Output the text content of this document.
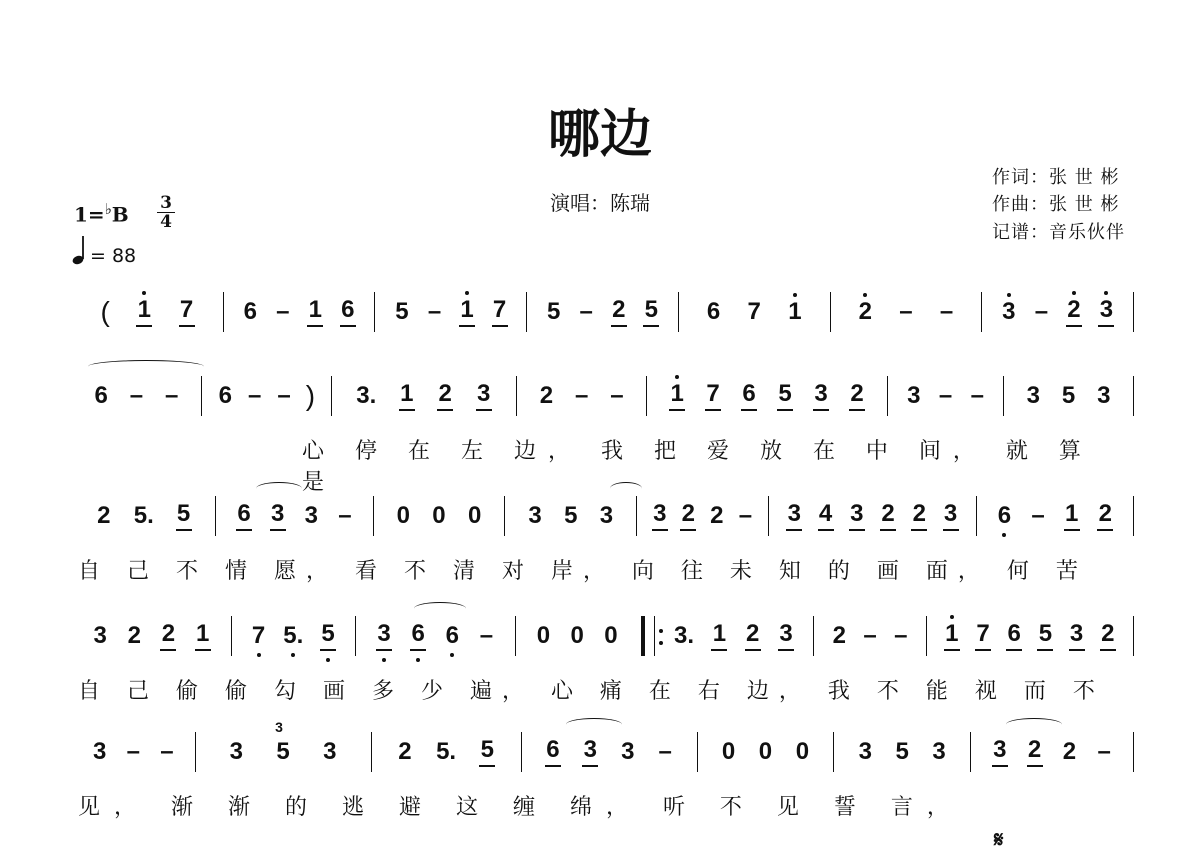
哪边
演唱：陈瑞
作词：张 世 彬
作曲：张 世 彬
记谱：音乐伙伴
1=♭B 3
4
= 88
( 1 7 6 – 1 6 5 – 1 7 5 – 2 5 6 7 1 2 – – 3 – 2 3
6 – – 6 – – ) 3. 1 2 3 2 – – 1 7 6 5 3 2 3 – – 3 5 3
心 停 在 左 边， 我 把 爱 放 在 中 间， 就 算 是
2 5. 5 6 3 3 – 0 0 0 3 5 3 3 2 2 – 3 4 3 2 2 3 6 – 1 2
自 己 不 情 愿， 看 不 清 对 岸， 向 往 未 知 的 画 面， 何 苦
3 2 2 1 7 5. 5 3 6 6 – 0 0 0 3. 1 2 3 2 – – 1 7 6 5 3 2
自 己 偷 偷 勾 画 多 少 遍， 心 痛 在 右 边， 我 不 能 视 而 不
3 – – 3
3
5 3	2 5. 5 6 3 3 – 0 0 0 3 5 3 3 2 2 –
见， 渐 渐 的 逃 避 这 缠 绵， 听 不 见 誓 言，
𝄋
